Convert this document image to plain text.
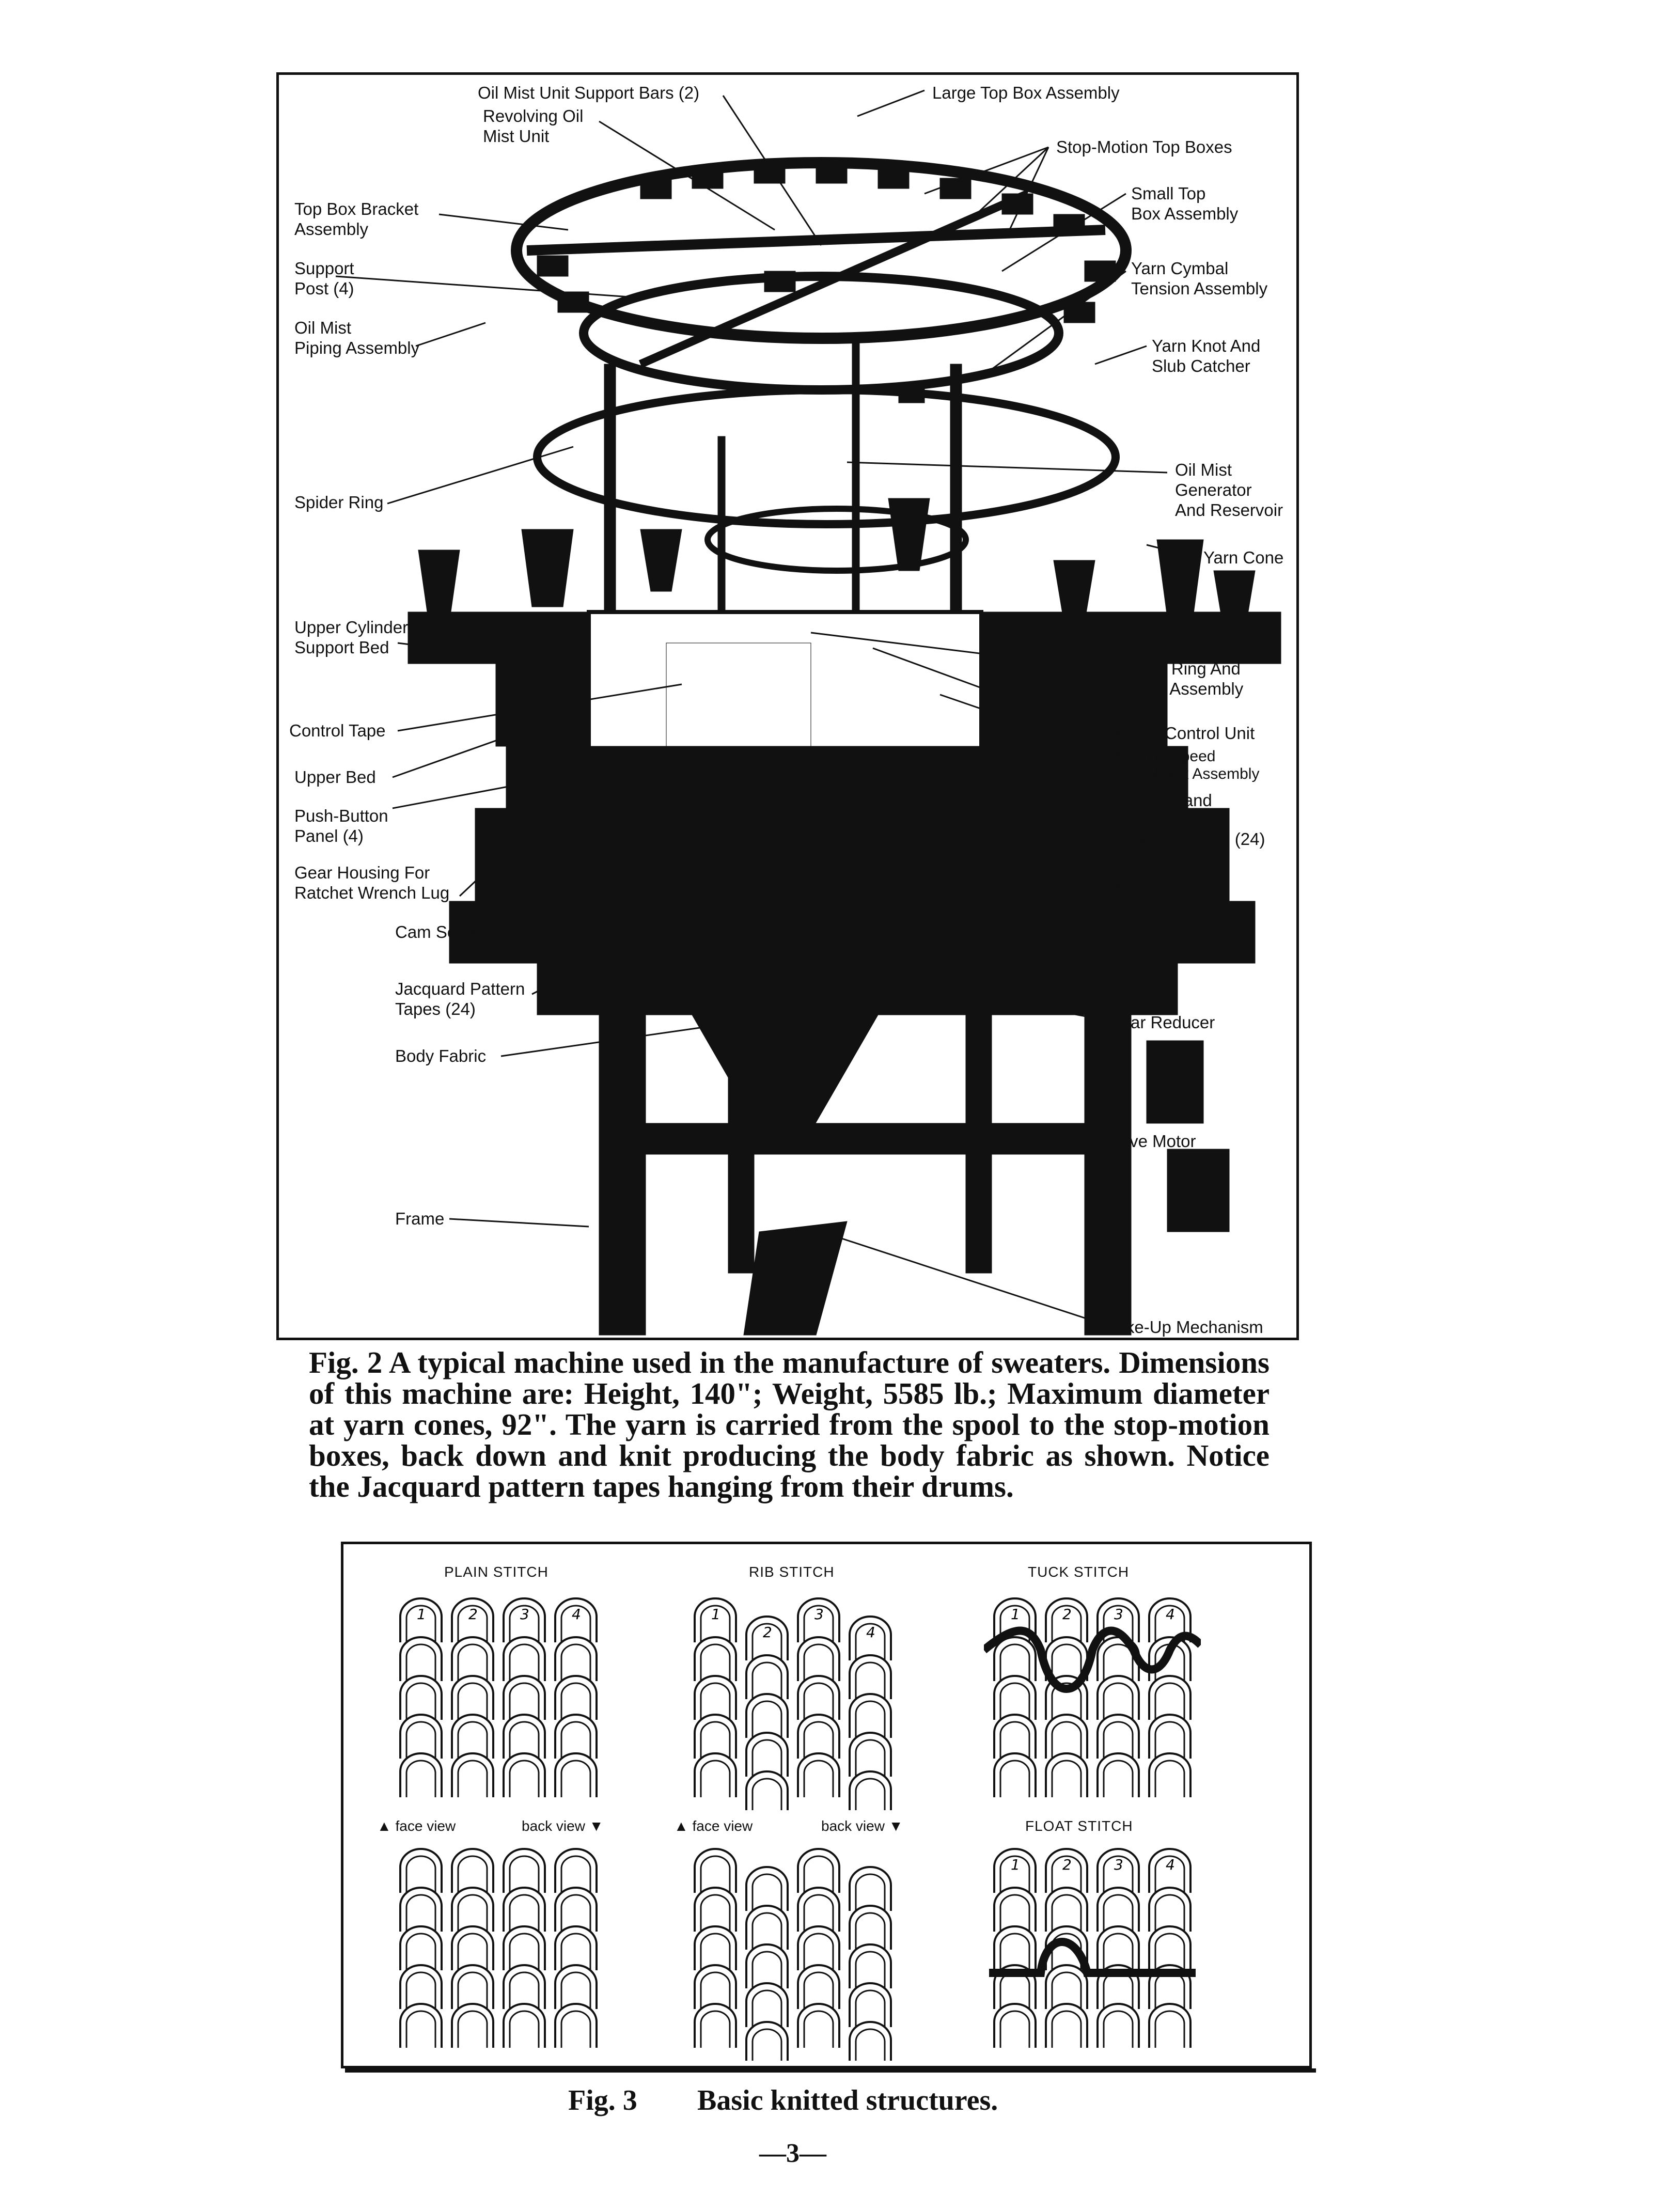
Oil Mist Unit Support Bars (2)	Large Top Box Assembly
Revolving Oil
Mist Unit
Stop-Motion Top Boxes
Top Box Bracket
Assembly
Small Top
Box Assembly
Support
Post (4)
Yarn Cymbal
Tension Assembly
Oil Mist
Piping Assembly	Yarn Knot And
Slub Catcher
Spider Ring
Oil Mist
Generator
And Reservoir
Yarn Cone
Upper Cylinder
Support Bed
Contact Ring And
Bracket Assembly
Control Tape	Master Control Unit
Upper Bed
Machine Speed
Control Box Assembly
Control Stand
Push-Button
Panel (4)	Automat Covers (24)
Gear Housing For
Ratchet Wrench Lug	Main Bed
Cam Sections	Jacquard Automats
(24)
Jacquard Pattern
Tapes (24)
Gear Reducer
Body Fabric
Drive Motor
Frame
Take-Up Mechanism
Fig. 2 A typical machine used in the manufacture of sweaters. Dimensions of this machine are: Height, 140"; Weight, 5585 lb.; Maximum diameter at yarn cones, 92". The yarn is carried from the spool to the stop-motion boxes, back down and knit producing the body fabric as shown. Notice the Jacquard pattern tapes hanging from their drums.
PLAIN STITCH	RIB STITCH	TUCK STITCH
FLOAT STITCH
▲ face view	back view ▼	▲ face view	back view ▼
1	2	3	4	1
2
3
4
1	2	3	4
1	2	3	4
Fig. 3 Basic knitted structures.
—3—
